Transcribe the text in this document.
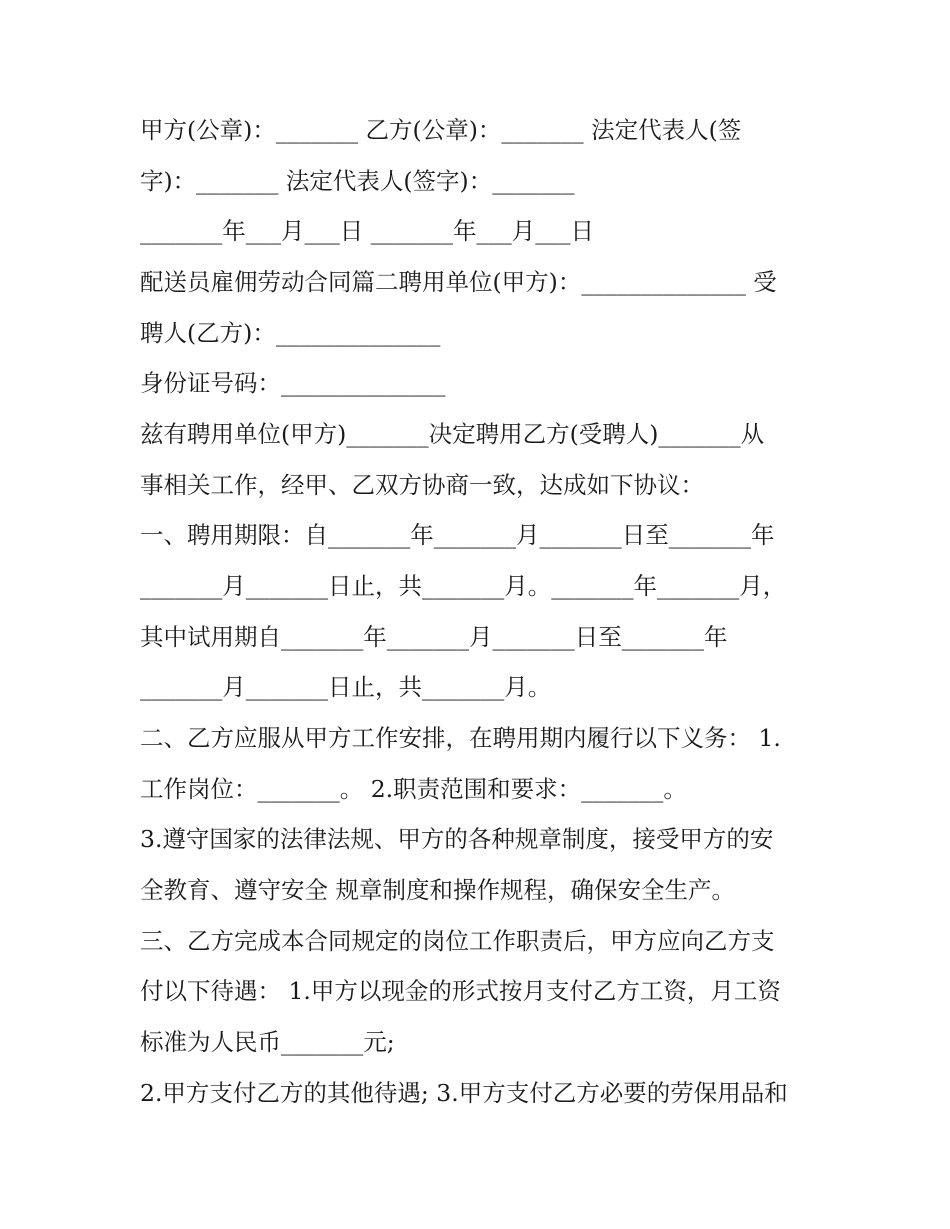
甲方(公章)：_______ 乙方(公章)：_______ 法定代表人(签
字)：_______ 法定代表人(签字)：_______
_______年___月___日 _______年___月___日
配送员雇佣劳动合同篇二聘用单位(甲方)：______________ 受
聘人(乙方)：______________
身份证号码：______________
兹有聘用单位(甲方)_______决定聘用乙方(受聘人)_______从
事相关工作，经甲、乙双方协商一致，达成如下协议：
一、聘用期限：自_______年_______月_______日至_______年
_______月_______日止，共_______月。_______年_______月，
其中试用期自_______年_______月_______日至_______年
_______月_______日止，共_______月。
二、乙方应服从甲方工作安排，在聘用期内履行以下义务： 1.
工作岗位：_______。 2.职责范围和要求：_______。
3.遵守国家的法律法规、甲方的各种规章制度，接受甲方的安
全教育、遵守安全 规章制度和操作规程，确保安全生产。
三、乙方完成本合同规定的岗位工作职责后，甲方应向乙方支
付以下待遇： 1.甲方以现金的形式按月支付乙方工资，月工资
标准为人民币_______元;
2.甲方支付乙方的其他待遇; 3.甲方支付乙方必要的劳保用品和
